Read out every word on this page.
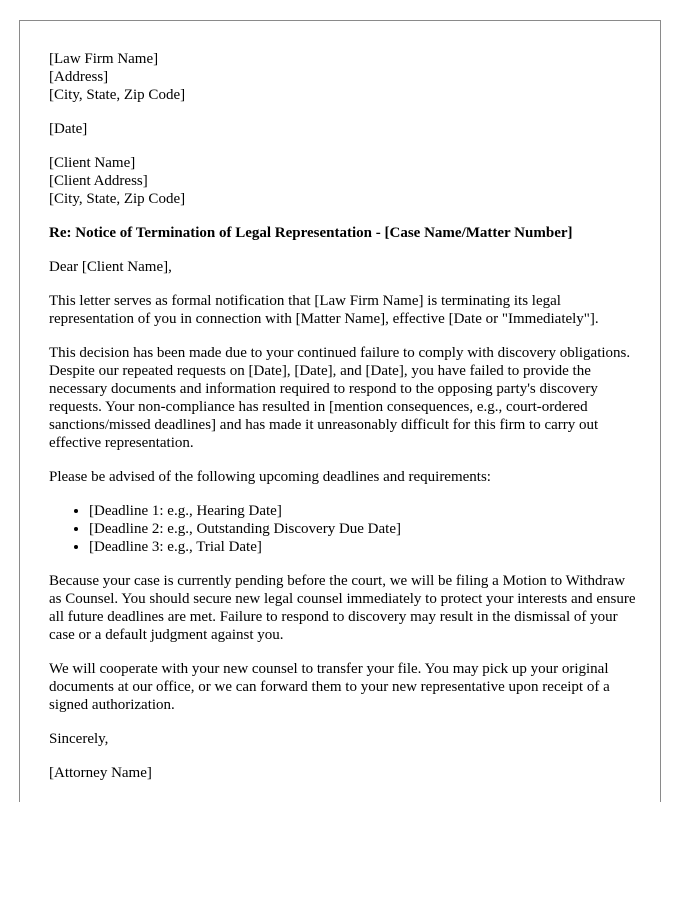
[Law Firm Name]
[Address]
[City, State, Zip Code]
[Date]
[Client Name]
[Client Address]
[City, State, Zip Code]
Re: Notice of Termination of Legal Representation - [Case Name/Matter Number]

Dear [Client Name],

This letter serves as formal notification that [Law Firm Name] is terminating its legal representation of you in connection with [Matter Name], effective [Date or "Immediately"].

This decision has been made due to your continued failure to comply with discovery obligations. Despite our repeated requests on [Date], [Date], and [Date], you have failed to provide the necessary documents and information required to respond to the opposing party's discovery requests. Your non-compliance has resulted in [mention consequences, e.g., court-ordered sanctions/missed deadlines] and has made it unreasonably difficult for this firm to carry out effective representation.

Please be advised of the following upcoming deadlines and requirements:

• [Deadline 1: e.g., Hearing Date]
• [Deadline 2: e.g., Outstanding Discovery Due Date]
• [Deadline 3: e.g., Trial Date]

Because your case is currently pending before the court, we will be filing a Motion to Withdraw as Counsel. You should secure new legal counsel immediately to protect your interests and ensure all future deadlines are met. Failure to respond to discovery may result in the dismissal of your case or a default judgment against you.

We will cooperate with your new counsel to transfer your file. You may pick up your original documents at our office, or we can forward them to your new representative upon receipt of a signed authorization.

Sincerely,

[Attorney Name]
